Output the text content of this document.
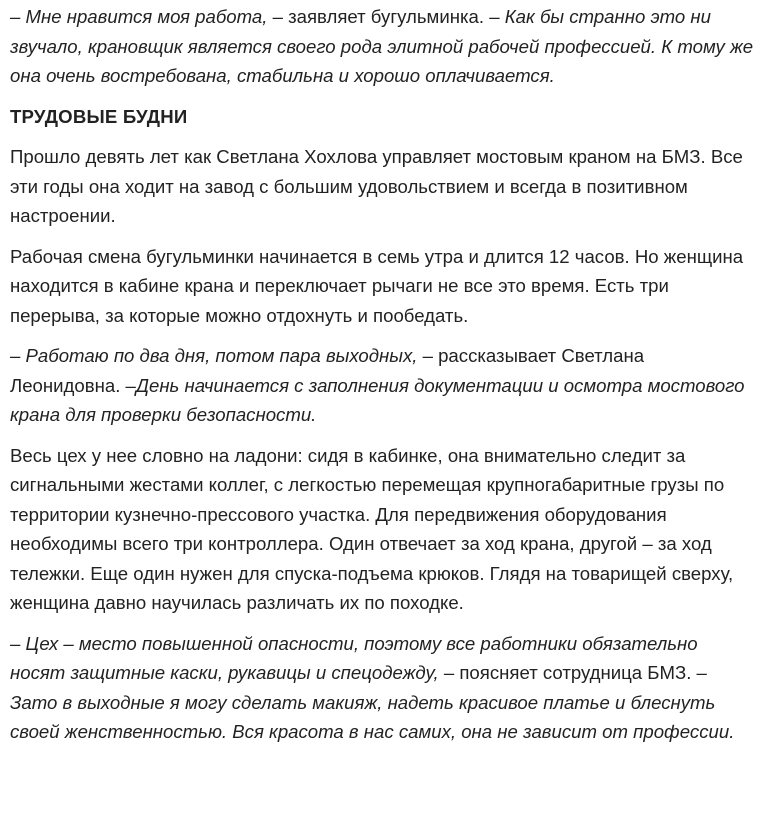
– Мне нравится моя работа, – заявляет бугульминка. – Как бы странно это ни звучало, крановщик является своего рода элитной рабочей профессией. К тому же она очень востребована, стабильна и хорошо оплачивается.

ТРУДОВЫЕ БУДНИ

Прошло девять лет как Светлана Хохлова управляет мостовым краном на БМЗ. Все эти годы она ходит на завод с большим удовольствием и всегда в позитивном настроении.

Рабочая смена бугульминки начинается в семь утра и длится 12 часов. Но женщина находится в кабине крана и переключает рычаги не все это время. Есть три перерыва, за которые можно отдохнуть и пообедать.

– Работаю по два дня, потом пара выходных, – рассказывает Светлана Леонидовна. –День начинается с заполнения документации и осмотра мостового крана для проверки безопасности.

Весь цех у нее словно на ладони: сидя в кабинке, она внимательно следит за сигнальными жестами коллег, с легкостью перемещая крупногабаритные грузы по территории кузнечно-прессового участка. Для передвижения оборудования необходимы всего три контроллера. Один отвечает за ход крана, другой – за ход тележки. Еще один нужен для спуска-подъема крюков. Глядя на товарищей сверху, женщина давно научилась различать их по походке.

– Цех – место повышенной опасности, поэтому все работники обязательно носят защитные каски, рукавицы и спецодежду, – поясняет сотрудница БМЗ. – Зато в выходные я могу сделать макияж, надеть красивое платье и блеснуть своей женственностью. Вся красота в нас самих, она не зависит от профессии.
